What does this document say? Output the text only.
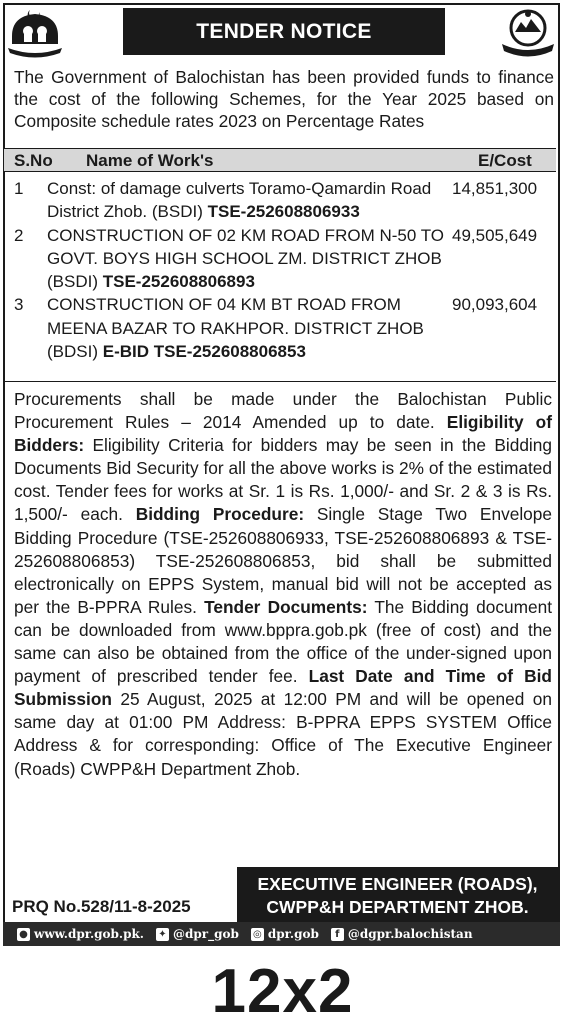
TENDER NOTICE
The Government of Balochistan has been provided funds to finance the cost of the following Schemes, for the Year 2025 based on Composite schedule rates 2023 on Percentage Rates
S.No Name of Work's	E/Cost
1 Const: of damage culverts Toramo-Qamardin Road District Zhob. (BSDI) TSE-252608806933
14,851,300
2 CONSTRUCTION OF 02 KM ROAD FROM N-50 TO GOVT. BOYS HIGH SCHOOL ZM. DISTRICT ZHOB (BSDI) TSE-252608806893
49,505,649
3 CONSTRUCTION OF 04 KM BT ROAD FROM MEENA BAZAR TO RAKHPOR. DISTRICT ZHOB (BDSI) E-BID TSE-252608806853
90,093,604
Procurements shall be made under the Balochistan Public Procurement Rules – 2014 Amended up to date. Eligibility of Bidders: Eligibility Criteria for bidders may be seen in the Bidding Documents Bid Security for all the above works is 2% of the estimated cost. Tender fees for works at Sr. 1 is Rs. 1,000/- and Sr. 2 & 3 is Rs. 1,500/- each. Bidding Procedure: Single Stage Two Envelope Bidding Procedure (TSE-252608806933, TSE-252608806893 & TSE-252608806853) TSE-252608806853, bid shall be submitted electronically on EPPS System, manual bid will not be accepted as per the B-PPRA Rules. Tender Documents: The Bidding document can be downloaded from www.bppra.gob.pk (free of cost) and the same can also be obtained from the office of the under-signed upon payment of prescribed tender fee. Last Date and Time of Bid Submission 25 August, 2025 at 12:00 PM and will be opened on same day at 01:00 PM Address: B-PPRA EPPS SYSTEM Office Address & for corresponding: Office of The Executive Engineer (Roads) CWPP&H Department Zhob.
PRQ No.528/11-8-2025
EXECUTIVE ENGINEER (ROADS),
CWPP&H DEPARTMENT ZHOB.
● www.dpr.gob.pk. ✦ @dpr_gob ◎ dpr.gob	f @dgpr.balochistan
12x2
